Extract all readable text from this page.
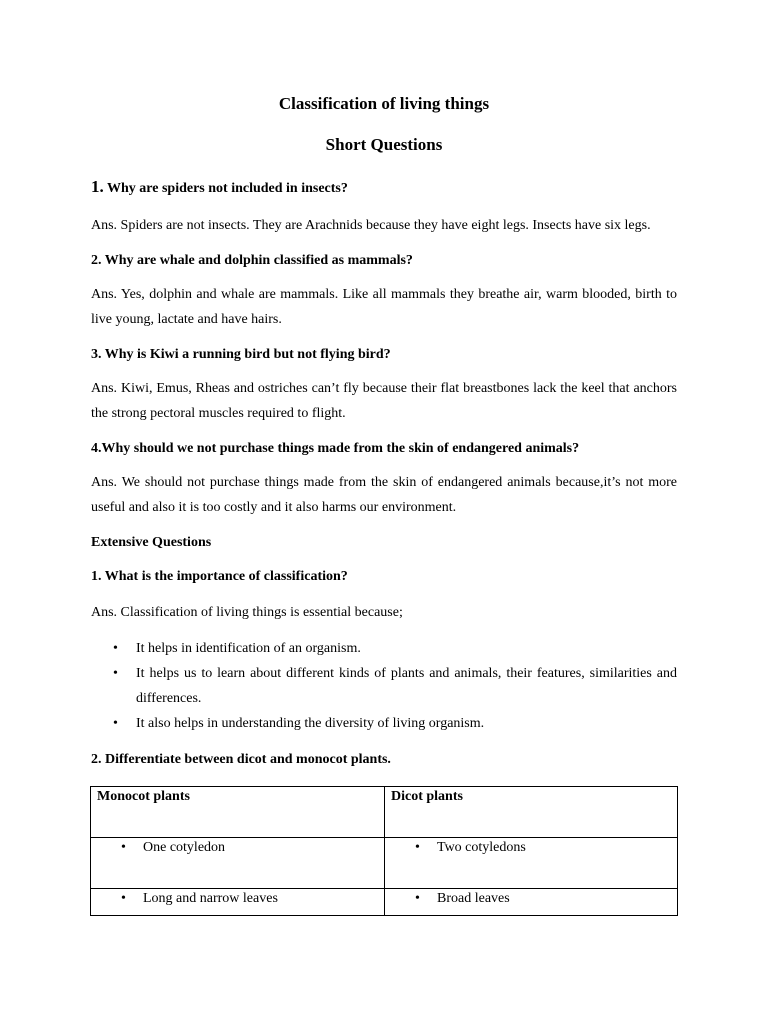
Classification of living things
Short Questions

1. Why are spiders not included in insects?

Ans. Spiders are not insects. They are Arachnids because they have eight legs. Insects have six legs.

2. Why are whale and dolphin classified as mammals?

Ans. Yes, dolphin and whale are mammals. Like all mammals they breathe air, warm blooded, birth to live young, lactate and have hairs.

3. Why is Kiwi a running bird but not flying bird?

Ans. Kiwi, Emus, Rheas and ostriches can’t fly because their flat breastbones lack the keel that anchors the strong pectoral muscles required to flight.

4.Why should we not purchase things made from the skin of endangered animals?

Ans. We should not purchase things made from the skin of endangered animals because,it’s not more useful and also it is too costly and it also harms our environment.

Extensive Questions

1. What is the importance of classification?

Ans. Classification of living things is essential because;

• It helps in identification of an organism.
• It helps us to learn about different kinds of plants and animals, their features, similarities and differences.
• It also helps in understanding the diversity of living organism.

2. Differentiate between dicot and monocot plants.

Monocot plants	Dicot plants

• One cotyledon	• Two cotyledons

• Long and narrow leaves	• Broad leaves
